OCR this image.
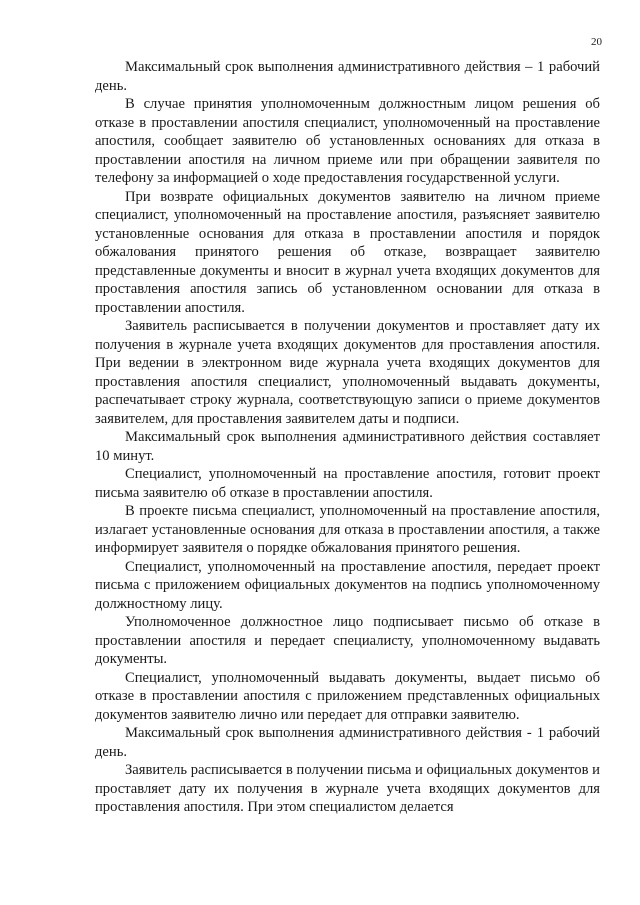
20

Максимальный срок выполнения административного действия – 1 рабочий день.

В случае принятия уполномоченным должностным лицом решения об отказе в проставлении апостиля специалист, уполномоченный на проставление апостиля, сообщает заявителю об установленных основаниях для отказа в проставлении апостиля на личном приеме или при обращении заявителя по телефону за информацией о ходе предоставления государственной услуги.

При возврате официальных документов заявителю на личном приеме специалист, уполномоченный на проставление апостиля, разъясняет заявителю установленные основания для отказа в проставлении апостиля и порядок обжалования принятого решения об отказе, возвращает заявителю представленные документы и вносит в журнал учета входящих документов для проставления апостиля запись об установленном основании для отказа в проставлении апостиля.

Заявитель расписывается в получении документов и проставляет дату их получения в журнале учета входящих документов для проставления апостиля. При ведении в электронном виде журнала учета входящих документов для проставления апостиля специалист, уполномоченный выдавать документы, распечатывает строку журнала, соответствующую записи о приеме документов заявителем, для проставления заявителем даты и подписи.

Максимальный срок выполнения административного действия составляет 10 минут.

Специалист, уполномоченный на проставление апостиля, готовит проект письма заявителю об отказе в проставлении апостиля.

В проекте письма специалист, уполномоченный на проставление апостиля, излагает установленные основания для отказа в проставлении апостиля, а также информирует заявителя о порядке обжалования принятого решения.

Специалист, уполномоченный на проставление апостиля, передает проект письма с приложением официальных документов на подпись уполномоченному должностному лицу.

Уполномоченное должностное лицо подписывает письмо об отказе в проставлении апостиля и передает специалисту, уполномоченному выдавать документы.

Специалист, уполномоченный выдавать документы, выдает письмо об отказе в проставлении апостиля с приложением представленных официальных документов заявителю лично или передает для отправки заявителю.

Максимальный срок выполнения административного действия - 1 рабочий день.

Заявитель расписывается в получении письма и официальных документов и проставляет дату их получения в журнале учета входящих документов для проставления апостиля. При этом специалистом делается
